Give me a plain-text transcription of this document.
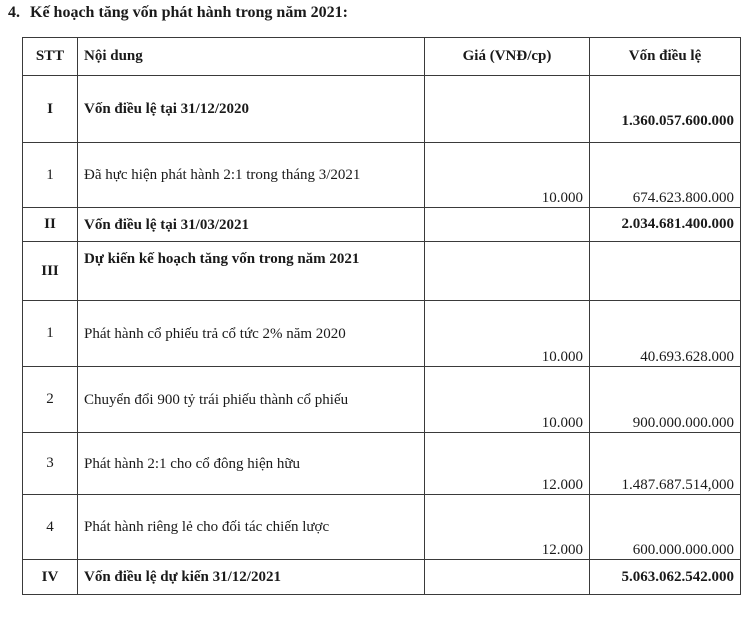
4. Kế hoạch tăng vốn phát hành trong năm 2021:
STT	Nội dung	Giá (VNĐ/cp)	Vốn điều lệ
I	Vốn điều lệ tại 31/12/2020		1.360.057.600.000
1	Đã hực hiện phát hành 2:1 trong tháng 3/2021	10.000	674.623.800.000
II	Vốn điều lệ tại 31/03/2021		2.034.681.400.000
III	Dự kiến kế hoạch tăng vốn trong năm 2021		
1	Phát hành cổ phiếu trả cổ tức 2% năm 2020	10.000	40.693.628.000
2	Chuyển đổi 900 tỷ trái phiếu thành cổ phiếu	10.000	900.000.000.000
3	Phát hành 2:1 cho cổ đông hiện hữu	12.000	1.487.687.514,000
4	Phát hành riêng lẻ cho đối tác chiến lược	12.000	600.000.000.000
IV	Vốn điều lệ dự kiến 31/12/2021		5.063.062.542.000
